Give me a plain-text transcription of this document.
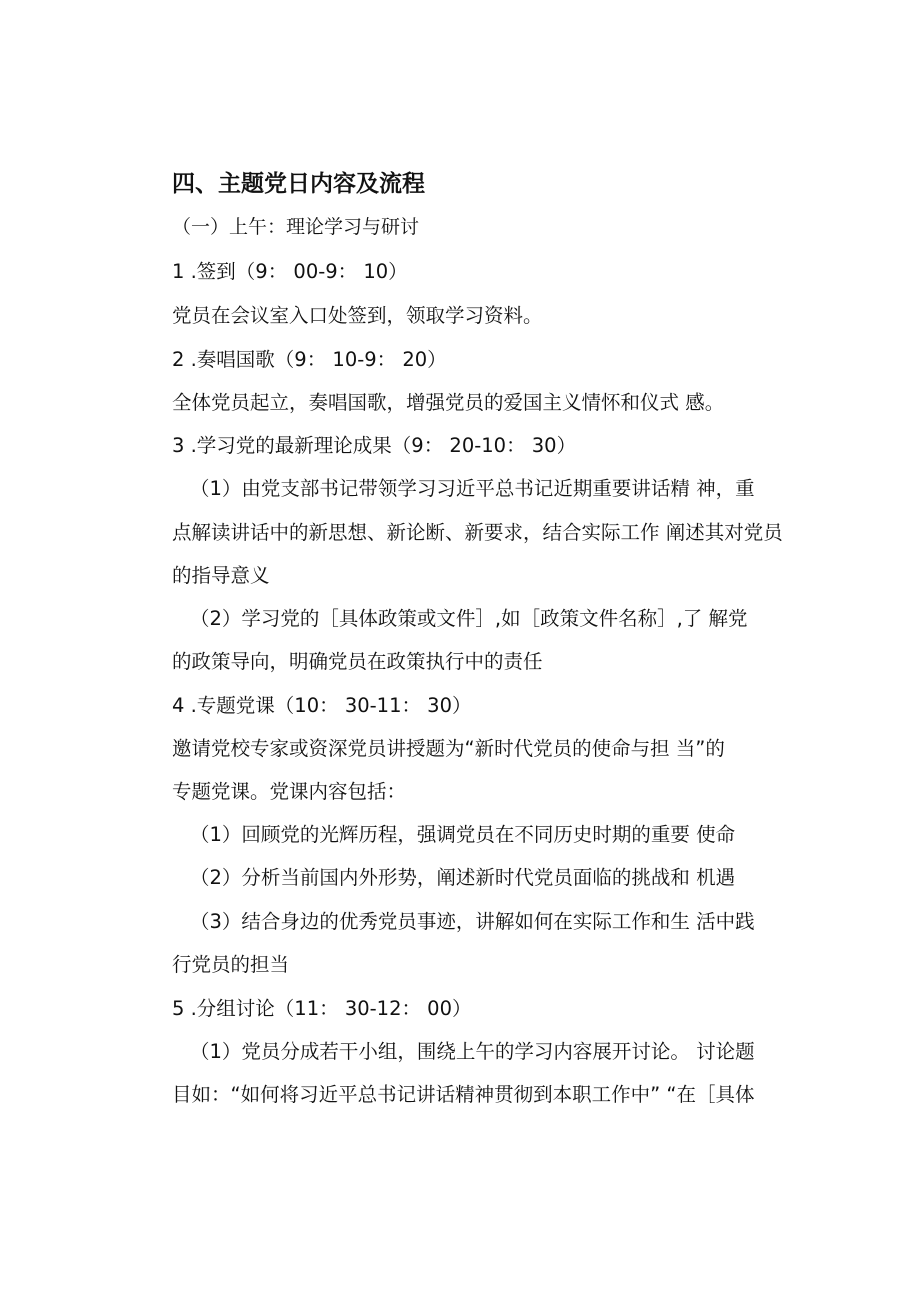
四、主题党日内容及流程
（一）上午：理论学习与研讨
1 .签到（9： 00-9： 10）
党员在会议室入口处签到，领取学习资料。
2 .奏唱国歌（9： 10-9： 20）
全体党员起立，奏唱国歌，增强党员的爱国主义情怀和仪式 感。
3 .学习党的最新理论成果（9： 20-10： 30）
（1）由党支部书记带领学习习近平总书记近期重要讲话精 神，重
点解读讲话中的新思想、新论断、新要求，结合实际工作 阐述其对党员
的指导意义
（2）学习党的［具体政策或文件］,如［政策文件名称］,了 解党
的政策导向，明确党员在政策执行中的责任
4 .专题党课（10： 30-11： 30）
邀请党校专家或资深党员讲授题为“新时代党员的使命与担 当”的
专题党课。党课内容包括：
（1）回顾党的光辉历程，强调党员在不同历史时期的重要 使命
（2）分析当前国内外形势，阐述新时代党员面临的挑战和 机遇
（3）结合身边的优秀党员事迹，讲解如何在实际工作和生 活中践
行党员的担当
5 .分组讨论（11： 30-12： 00）
（1）党员分成若干小组，围绕上午的学习内容展开讨论。 讨论题
目如：“如何将习近平总书记讲话精神贯彻到本职工作中” “在［具体
